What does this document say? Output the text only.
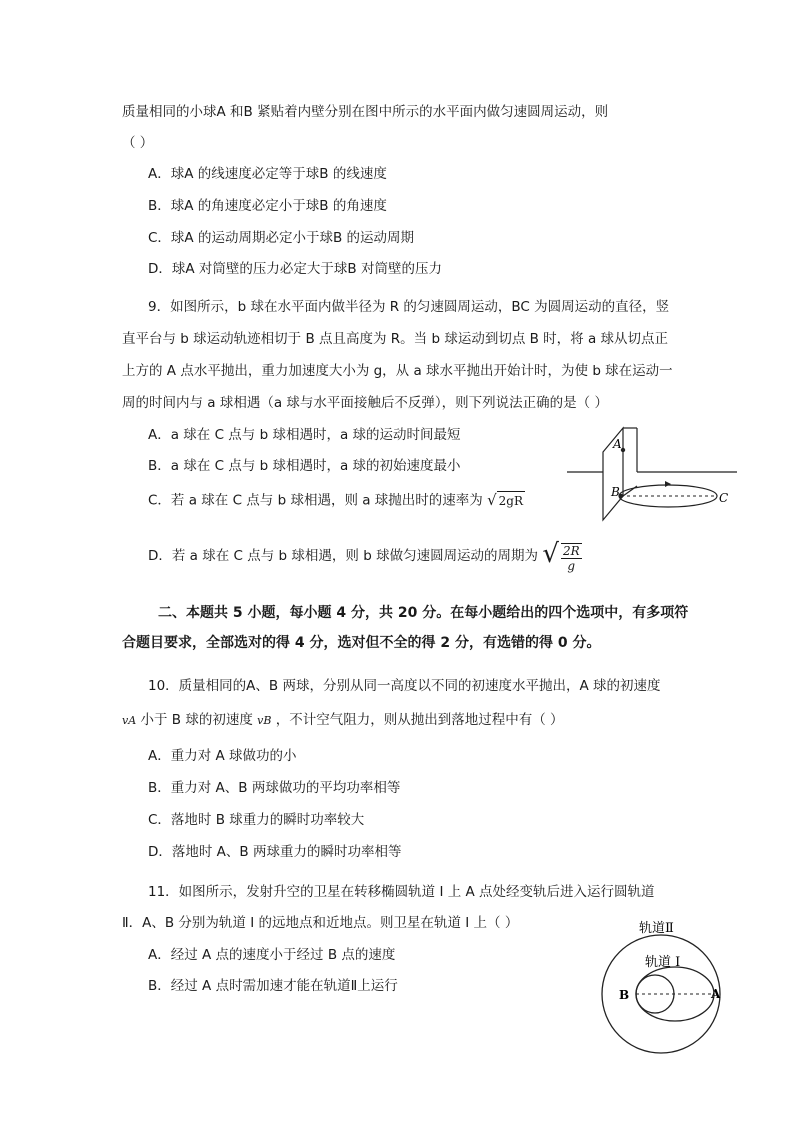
质量相同的小球A 和B 紧贴着内壁分别在图中所示的水平面内做匀速圆周运动，则
（ ）
A．球A 的线速度必定等于球B 的线速度
B．球A 的角速度必定小于球B 的角速度
C．球A 的运动周期必定小于球B 的运动周期
D．球A 对筒壁的压力必定大于球B 对筒壁的压力
9．如图所示，b 球在水平面内做半径为 R 的匀速圆周运动，BC 为圆周运动的直径，竖
直平台与 b 球运动轨迹相切于 B 点且高度为 R。当 b 球运动到切点 B 时，将 a 球从切点正
上方的 A 点水平抛出，重力加速度大小为 g，从 a 球水平抛出开始计时，为使 b 球在运动一
周的时间内与 a 球相遇（a 球与水平面接触后不反弹），则下列说法正确的是（ ）
A．a 球在 C 点与 b 球相遇时，a 球的运动时间最短
B．a 球在 C 点与 b 球相遇时，a 球的初始速度最小
C．若 a 球在 C 点与 b 球相遇，则 a 球抛出时的速率为 √ 2gR
D．若 a 球在 C 点与 b 球相遇，则 b 球做匀速圆周运动的周期为 √ $\frac{2R}{g}$
A
B	C
二、本题共 5 小题，每小题 4 分，共 20 分。在每小题给出的四个选项中，有多项符
合题目要求，全部选对的得 4 分，选对但不全的得 2 分，有选错的得 0 分。
10．质量相同的A、B 两球，分别从同一高度以不同的初速度水平抛出，A 球的初速度
vA 小于 B 球的初速度 vB ，不计空气阻力，则从抛出到落地过程中有（ ）
A．重力对 A 球做功的小
B．重力对 A、B 两球做功的平均功率相等
C．落地时 B 球重力的瞬时功率较大
D．落地时 A、B 两球重力的瞬时功率相等
11．如图所示，发射升空的卫星在转移椭圆轨道 I 上 A 点处经变轨后进入运行圆轨道
Ⅱ．A、B 分别为轨道 I 的远地点和近地点。则卫星在轨道 I 上（ ）
A．经过 A 点的速度小于经过 B 点的速度
B．经过 A 点时需加速才能在轨道Ⅱ上运行
轨道Ⅱ
轨道 I
B	A
